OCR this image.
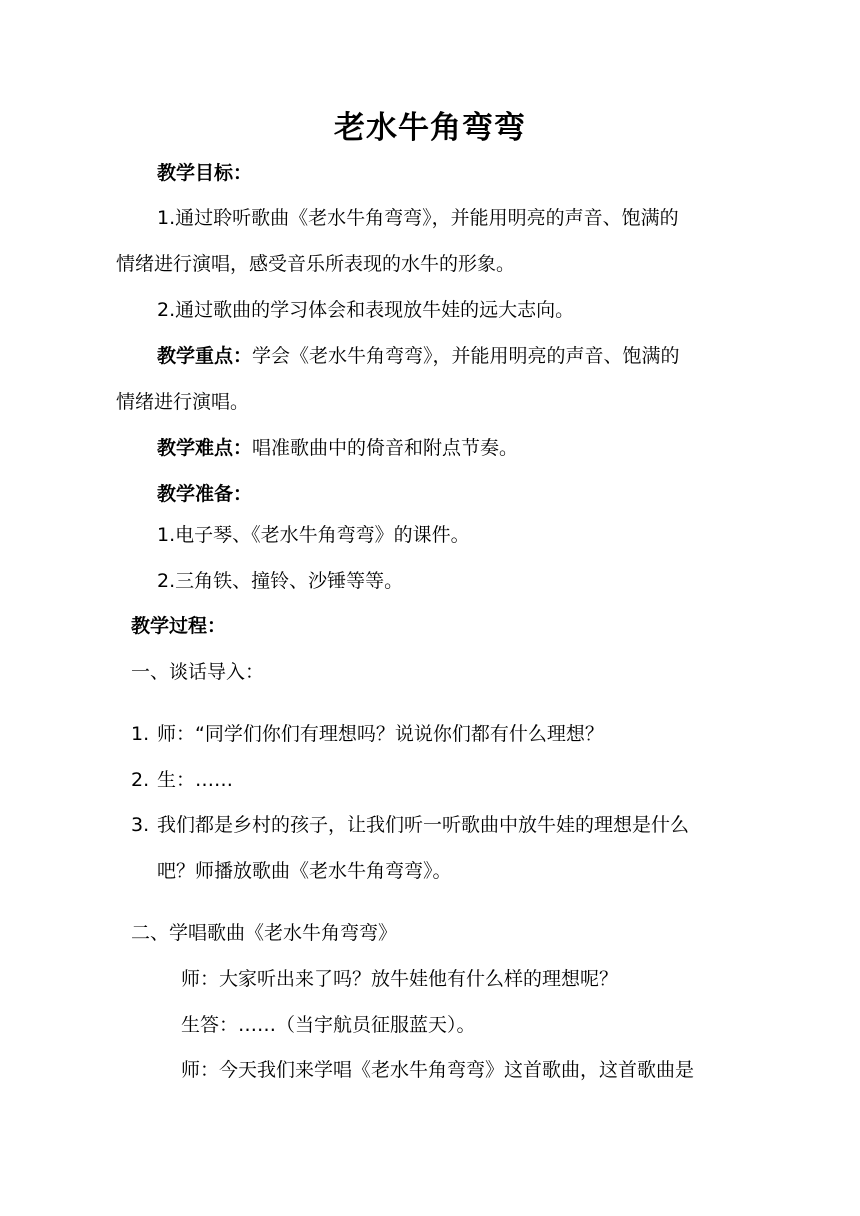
老水牛角弯弯
教学目标：
1.通过聆听歌曲《老水牛角弯弯》，并能用明亮的声音、饱满的
情绪进行演唱，感受音乐所表现的水牛的形象。
2.通过歌曲的学习体会和表现放牛娃的远大志向。
教学重点：学会《老水牛角弯弯》，并能用明亮的声音、饱满的
情绪进行演唱。
教学难点：唱准歌曲中的倚音和附点节奏。
教学准备：
1.电子琴、《老水牛角弯弯》的课件。
2.三角铁、撞铃、沙锤等等。
教学过程：
一、谈话导入：
1. 师：“同学们你们有理想吗？说说你们都有什么理想？
2. 生：……
3. 我们都是乡村的孩子，让我们听一听歌曲中放牛娃的理想是什么
吧？师播放歌曲《老水牛角弯弯》。
二、学唱歌曲《老水牛角弯弯》
师：大家听出来了吗？放牛娃他有什么样的理想呢？
生答：……（当宇航员征服蓝天）。
师：今天我们来学唱《老水牛角弯弯》这首歌曲，这首歌曲是
